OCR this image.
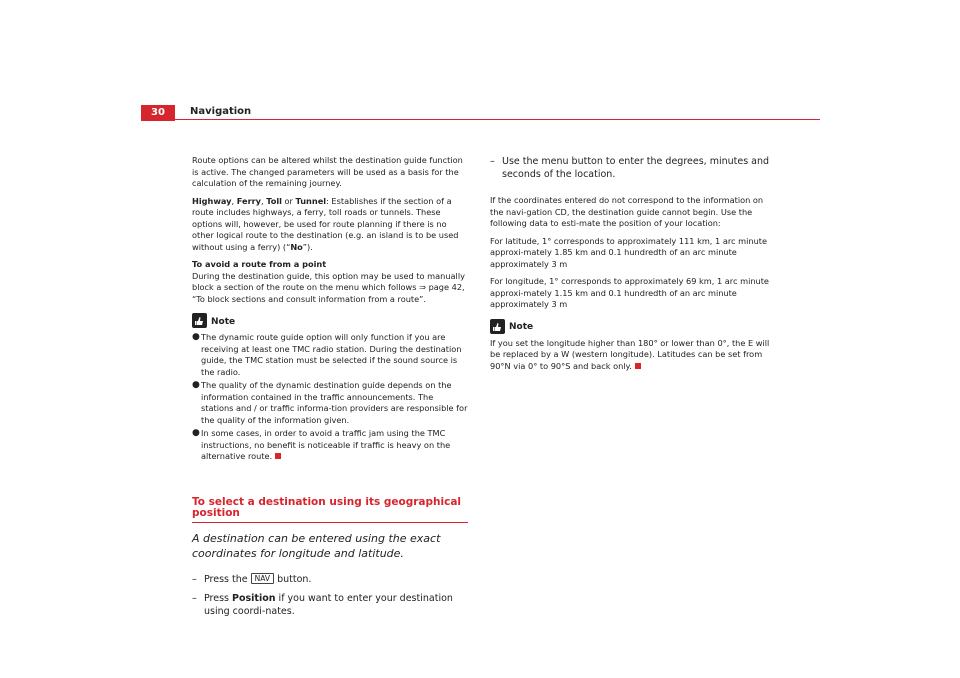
30	Navigation

Route options can be altered whilst the destination guide function is active. The changed parameters will be used as a basis for the calculation of the remaining journey.

Highway, Ferry, Toll or Tunnel: Establishes if the section of a route includes highways, a ferry, toll roads or tunnels. These options will, however, be used for route planning if there is no other logical route to the destination (e.g. an island is to be used without using a ferry) (“No”).

To avoid a route from a point

During the destination guide, this option may be used to manually block a section of the route on the menu which follows ⇒ page 42, “To block sections and consult information from a route”.

Note
● The dynamic route guide option will only function if you are receiving at least one TMC radio station. During the destination guide, the TMC station must be selected if the sound source is the radio.
● The quality of the dynamic destination guide depends on the information contained in the traffic announcements. The stations and / or traffic informa-tion providers are responsible for the quality of the information given.
● In some cases, in order to avoid a traffic jam using the TMC instructions, no benefit is noticeable if traffic is heavy on the alternative route.
To select a destination using its geographical position
A destination can be entered using the exact coordinates for longitude and latitude.
– Press the NAV button.
– Press Position if you want to enter your destination using coordi-nates.
– Use the menu button to enter the degrees, minutes and seconds of the location.

If the coordinates entered do not correspond to the information on the navi-gation CD, the destination guide cannot begin. Use the following data to esti-mate the position of your location:

For latitude, 1° corresponds to approximately 111 km, 1 arc minute approxi-mately 1.85 km and 0.1 hundredth of an arc minute approximately 3 m

For longitude, 1° corresponds to approximately 69 km, 1 arc minute approxi-mately 1.15 km and 0.1 hundredth of an arc minute approximately 3 m

Note

If you set the longitude higher than 180° or lower than 0°, the E will be replaced by a W (western longitude). Latitudes can be set from 90°N via 0° to 90°S and back only.
